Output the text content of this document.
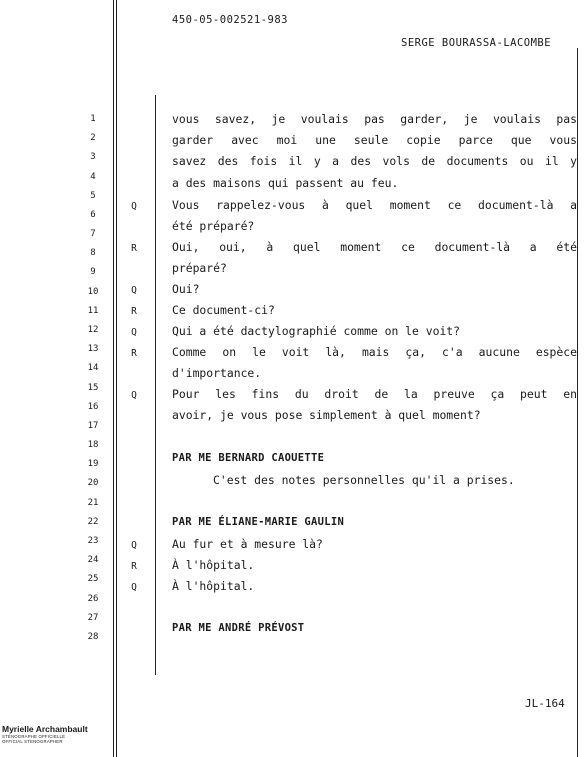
450-05-002521-983
SERGE BOURASSA-LACOMBE
1
2
3
4
5
6
7
8
9
10
11
12
13
14
15
16
17
18
19
20
21
22
23
24
25
26
27
28
Q
R
Q
R
Q
R
Q
Q
R
Q
vous savez, je voulais pas garder, je voulais pas
garder avec moi une seule copie parce que vous
savez des fois il y a des vols de documents ou il y
a des maisons qui passent au feu.
Vous rappelez-vous à quel moment ce document-là a
été préparé?
Oui, oui, à quel moment ce document-là a été
préparé?
Oui?
Ce document-ci?
Qui a été dactylographié comme on le voit?
Comme on le voit là, mais ça, c'a aucune espèce
d'importance.
Pour les fins du droit de la preuve ça peut en
avoir, je vous pose simplement à quel moment?
PAR ME BERNARD CAOUETTE
C'est des notes personnelles qu'il a prises.
PAR ME ÉLIANE-MARIE GAULIN
Au fur et à mesure là?
À l'hôpital.
À l'hôpital.
PAR ME ANDRÉ PRÉVOST
JL-164
Myrielle Archambault
STÉNOGRAPHE OFFICIELLE
OFFICIAL STENOGRAPHER
